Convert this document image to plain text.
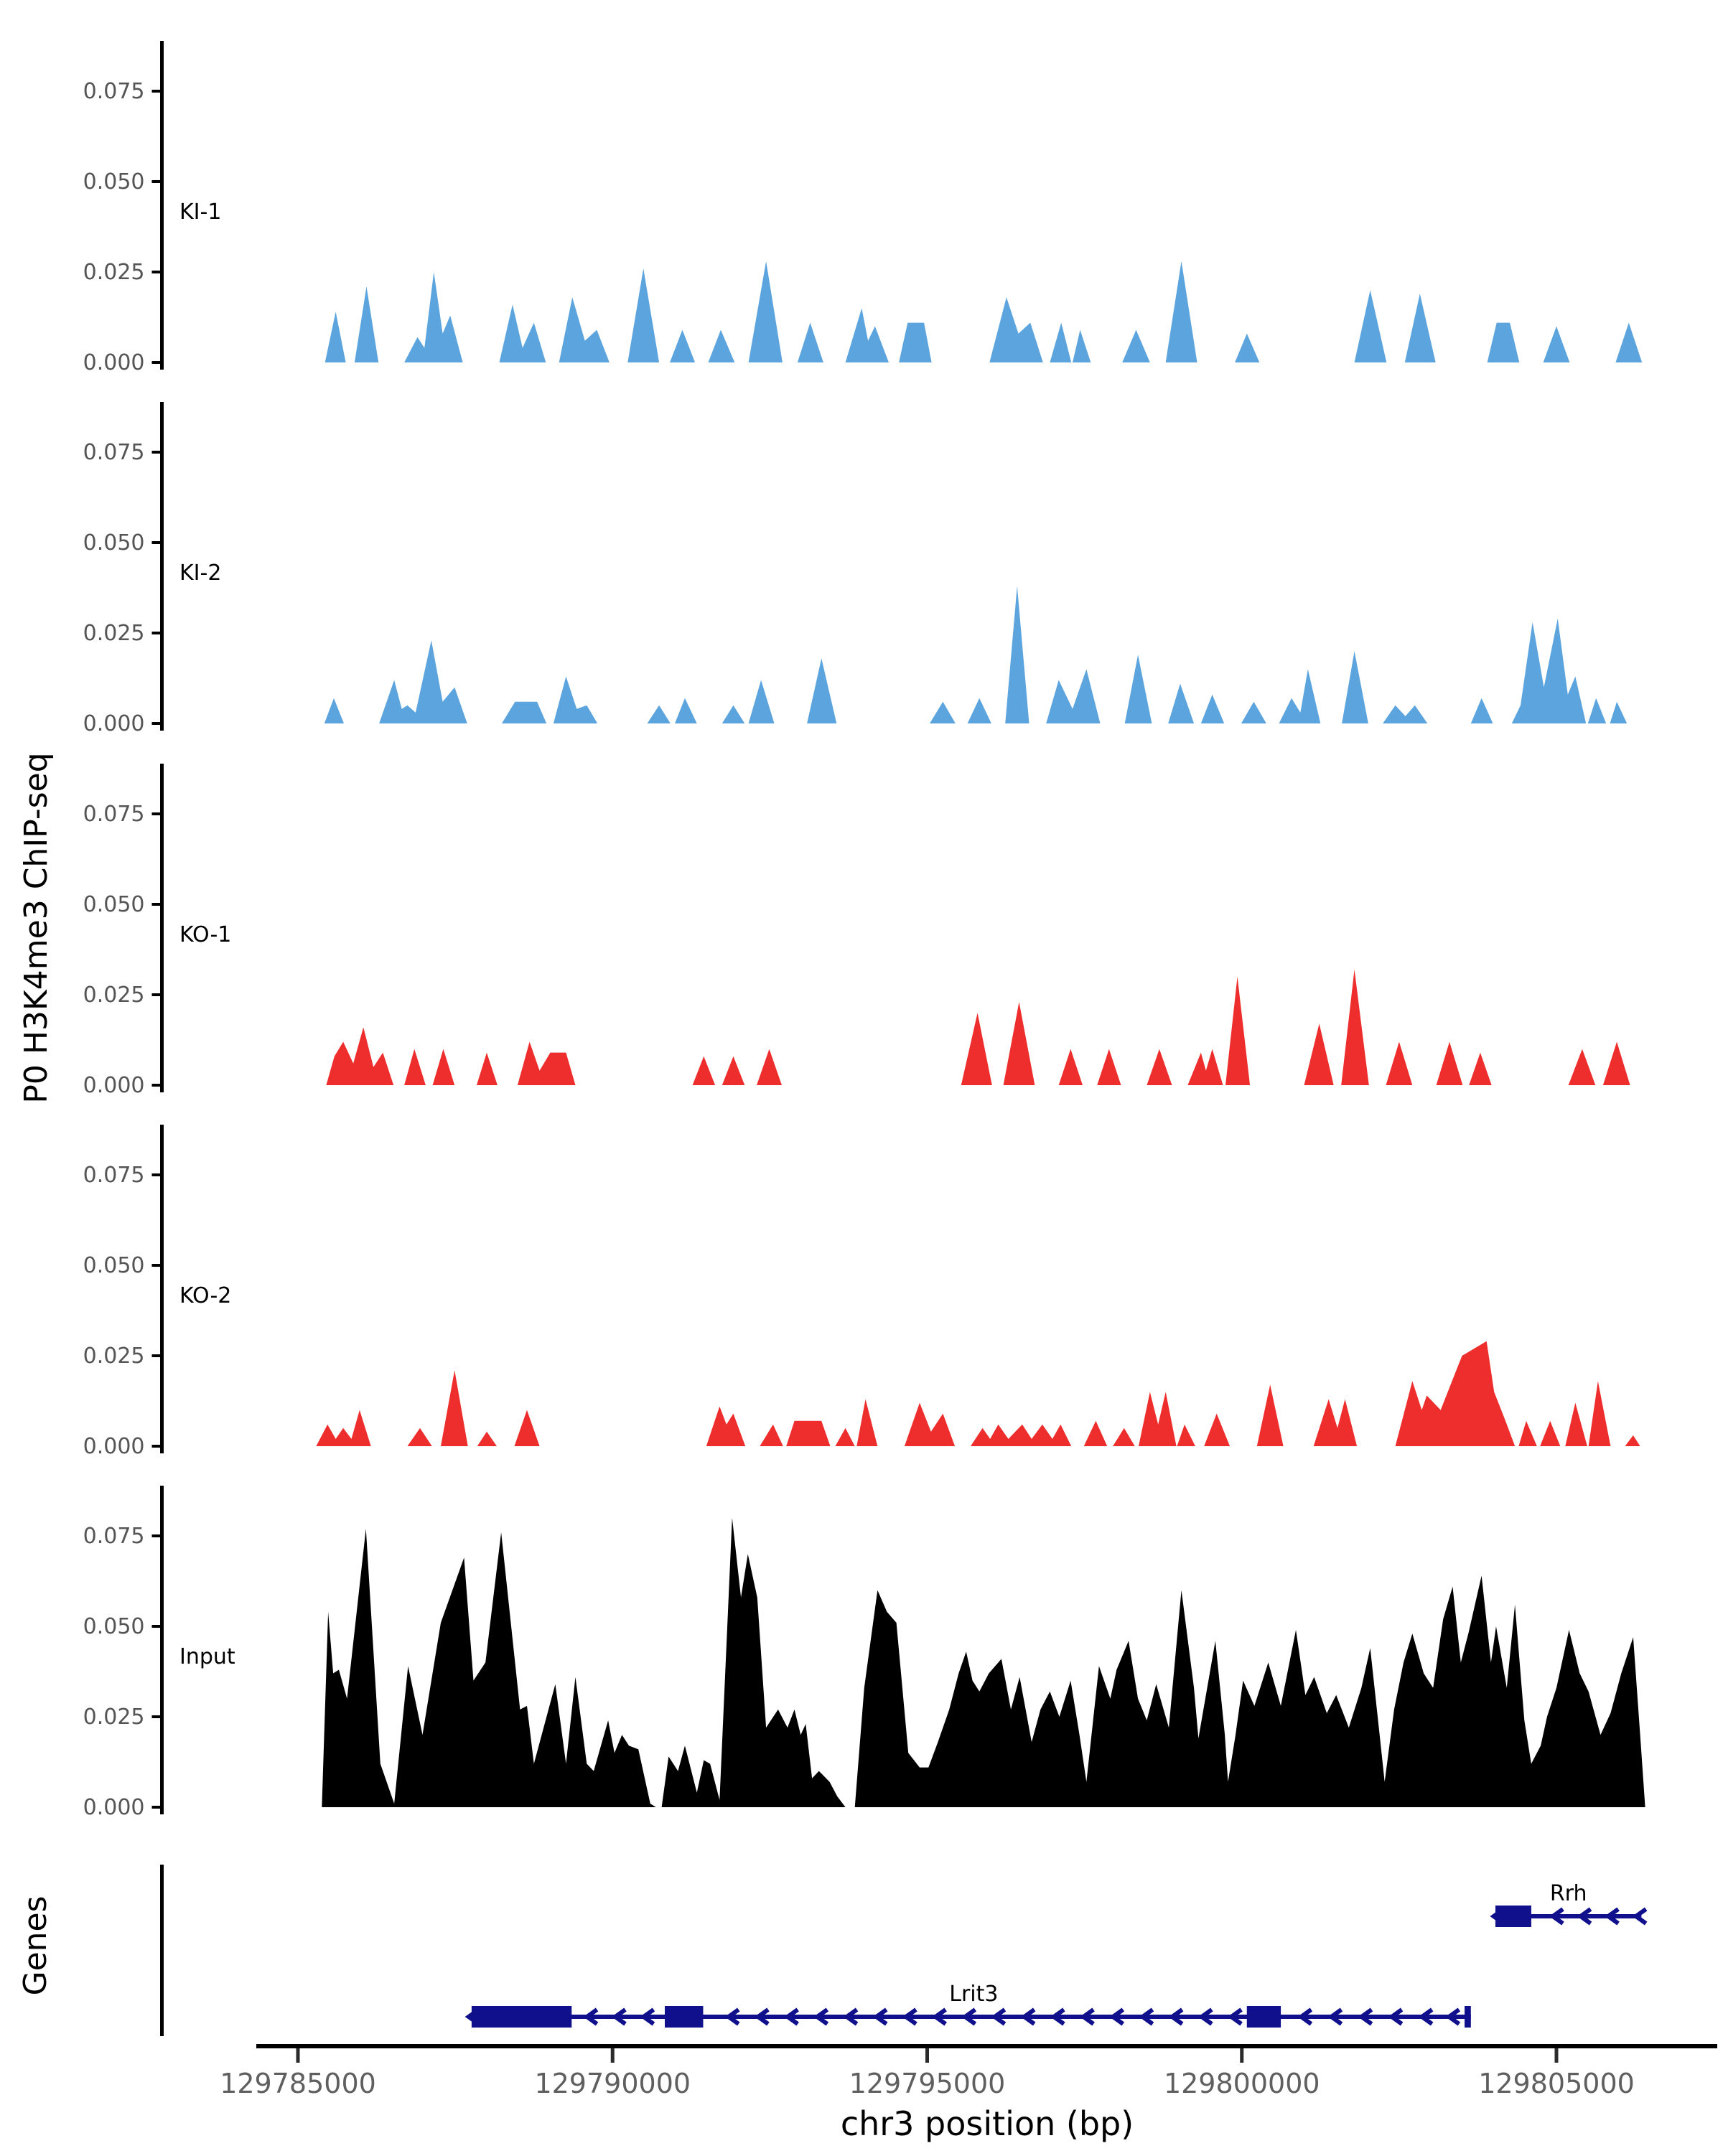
P0 H3K4me3 ChIP-seq
Genes
chr3 position (bp)
0.000
0.025
0.050
0.075
KI-1
0.000
0.025
0.050
0.075
KI-2
0.000
0.025
0.050
0.075
KO-1
0.000
0.025
0.050
0.075
KO-2
0.000
0.025
0.050
0.075
Input
Rrh
Lrit3
129785000	129790000	129795000	129800000	129805000
